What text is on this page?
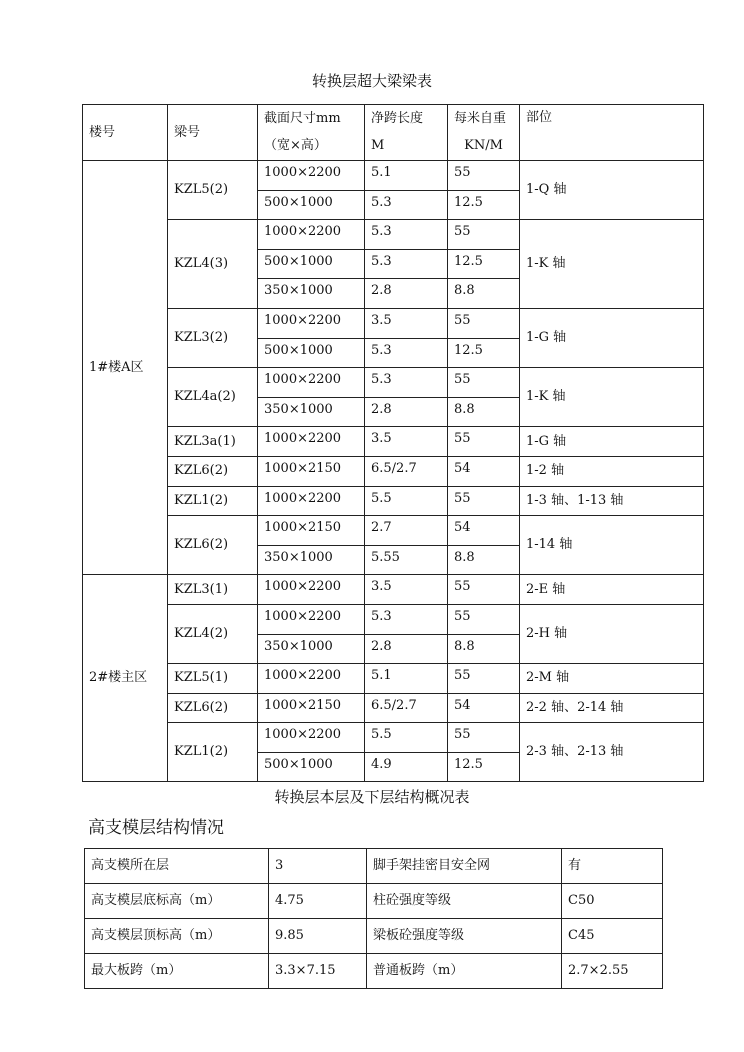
转换层超大梁梁表
楼号	梁号	截面尺寸mm	净跨长度	每米自重	部位
		（宽×高）	M	KN/M	
1#楼A区	KZL5(2)	1000×2200	5.1	55	1-Q 轴
		500×1000	5.3	12.5	
	KZL4(3)	1000×2200	5.3	55	1-K 轴
		500×1000	5.3	12.5	
		350×1000	2.8	8.8	
	KZL3(2)	1000×2200	3.5	55	1-G 轴
		500×1000	5.3	12.5	
	KZL4a(2)	1000×2200	5.3	55	1-K 轴
		350×1000	2.8	8.8	
	KZL3a(1)	1000×2200	3.5	55	1-G 轴
	KZL6(2)	1000×2150	6.5/2.7	54	1-2 轴
	KZL1(2)	1000×2200	5.5	55	1-3 轴、1-13 轴
	KZL6(2)	1000×2150	2.7	54	1-14 轴
		350×1000	5.55	8.8	
2#楼主区	KZL3(1)	1000×2200	3.5	55	2-E 轴
	KZL4(2)	1000×2200	5.3	55	2-H 轴
		350×1000	2.8	8.8	
	KZL5(1)	1000×2200	5.1	55	2-M 轴
	KZL6(2)	1000×2150	6.5/2.7	54	2-2 轴、2-14 轴
	KZL1(2)	1000×2200	5.5	55	2-3 轴、2-13 轴
		500×1000	4.9	12.5	
转换层本层及下层结构概况表
高支模层结构情况
高支模所在层	3	脚手架挂密目安全网	有
高支模层底标高（m）	4.75	柱砼强度等级	C50
高支模层顶标高（m）	9.85	梁板砼强度等级	C45
最大板跨（m）	3.3×7.15	普通板跨（m）	2.7×2.55
